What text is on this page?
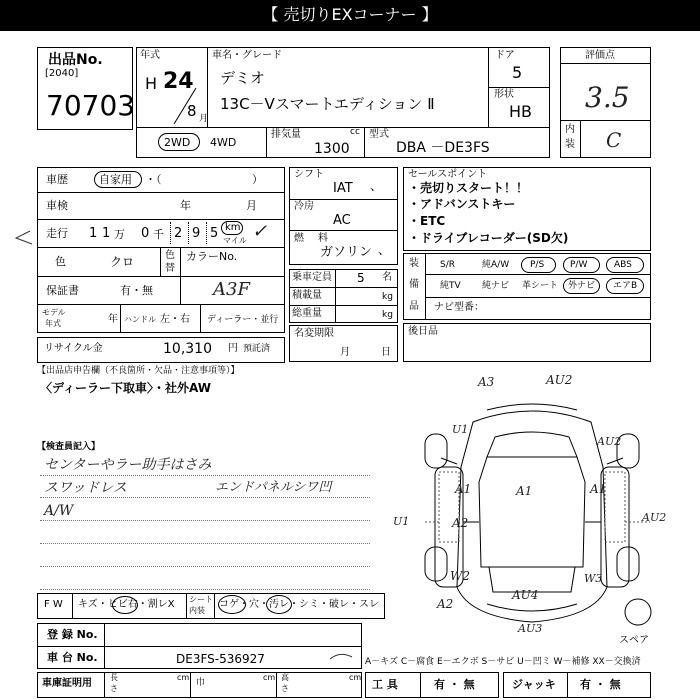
【 売切りEXコーナー 】
出品No.
[2040]
70703
年式
H 24
8 月
車名・グレード
デミオ
13C－Vスマートエディション Ⅱ
ドア
5
形状
HB
2WD 4WD
排気量	cc
1300
型式
DBA －DE3FS
評価点
3.5
内
装 C
車歴	自家用 ・（	）
車検	年	月
走行 1 1 万 0 千 2 9 5 km
マイル ✓
色	クロ	色
替
カラーNo.
A3F
保証書	有・無
モデル
年式	年 ハンドル 左・右 ディーラー・並行
リサイクル金	10,310 円 預託済
シフト
IAT 、
冷房
AC
燃 料
ガソリン 、
乗車定員 5 名
積載量	kg
総重量	kg
名変期限
月	日
セールスポイント
・売切りスタート！！
・アドバンストキー
・ETC
・ドライブレコーダー(SD欠)
装
備
品
S/R	純A/W P/S	P/W	ABS
純TV 純ナビ 革シート 外ナビ エアB
ナビ型番：
後日品
【出品店申告欄（不良箇所・欠品・注意事項等）】
〈ディーラー下取車〉・社外AW
【検査員記入】
センターやラー助手はさみ
スワッドレス
A/W
エンドパネルシワ凹
A3	AU2
U1
A1	A1	A1
U1	A2	AU2
W2
A2
AU4
AU3
W3
AU2
スペア
F W キズ・ヒビ右・割レX シート
内装
コゲ・穴・汚レ・シミ・破レ・スレ
登 録 No.
車 台 No.	DE3FS-536927	A－キズ C－腐食 E－エクボ S－サビ U－凹ミ W－補修 XX－交換済
車庫証明用
長
さ
cm
巾
cm 高
さ
cm
工 具	有 ・ 無	ジャッキ 有 ・ 無
